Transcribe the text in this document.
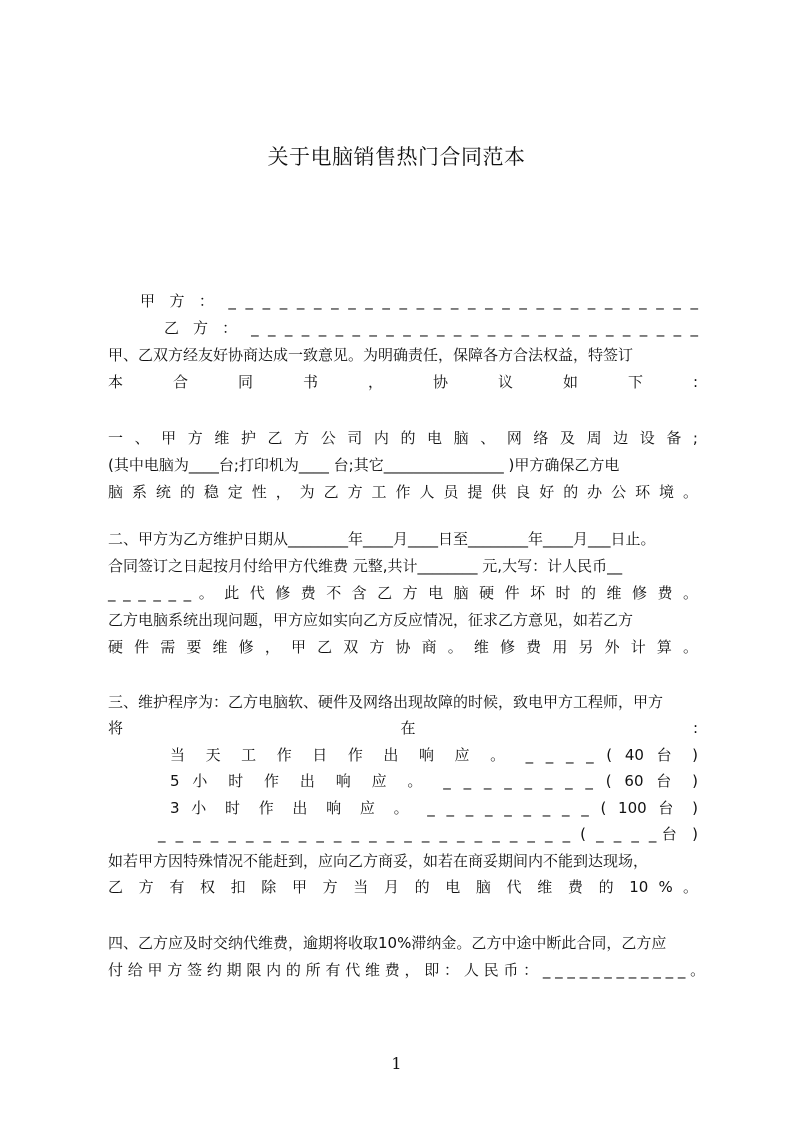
关于电脑销售热门合同范本
甲 方 ： _ _ _ _ _ _ _ _ _ _ _ _ _ _ _ _ _ _ _ _ _ _ _ _ _ _ _ _
乙 方 ： _ _ _ _ _ _ _ _ _ _ _ _ _ _ _ _ _ _ _ _ _ _ _ _ _ _ _
甲、乙双方经友好协商达成一致意见。为明确责任，保障各方合法权益，特签订
本 合 同 书 ， 协 议 如 下 :
一 、 甲 方 维 护 乙 方 公 司 内 的 电 脑 、 网 络 及 周 边 设 备 ;
(其中电脑为____台;打印机为____ 台;其它________________ )甲方确保乙方电
脑 系 统 的 稳 定 性 ， 为 乙 方 工 作 人 员 提 供 良 好 的 办 公 环 境 。
二、甲方为乙方维护日期从________年____月____日至________年____月___日止。
合同签订之日起按月付给甲方代维费 元整,共计________ 元,大写：计人民币__
_ _ _ _ _ _ 。 此 代 修 费 不 含 乙 方 电 脑 硬 件 坏 时 的 维 修 费 。
乙方电脑系统出现问题，甲方应如实向乙方反应情况，征求乙方意见，如若乙方
硬 件 需 要 维 修 ， 甲 乙 双 方 协 商 。 维 修 费 用 另 外 计 算 。
三、维护程序为：乙方电脑软、硬件及网络出现故障的时候，致电甲方工程师，甲方
将 在 :
当 天 工 作 日 作 出 响 应 。 _ _ _ _ ( 40 台 )
5 小 时 作 出 响 应 。 _ _ _ _ _ _ _ _ ( 60 台 )
3 小 时 作 出 响 应 。 _ _ _ _ _ _ _ _ _ ( 100 台 )
_ _ _ _ _ _ _ _ _ _ _ _ _ _ _ _ _ _ _ _ _ _ _ _ ( _ _ _ _台 )
如若甲方因特殊情况不能赶到，应向乙方商妥，如若在商妥期间内不能到达现场，
乙 方 有 权 扣 除 甲 方 当 月 的 电 脑 代 维 费 的 10 % 。
四、乙方应及时交纳代维费，逾期将收取10%滞纳金。乙方中途中断此合同，乙方应
付 给 甲 方 签 约 期 限 内 的 所 有 代 维 费 ， 即 ： 人 民 币 ： _ _ _ _ _ _ _ _ _ _ _ _ 。
1
